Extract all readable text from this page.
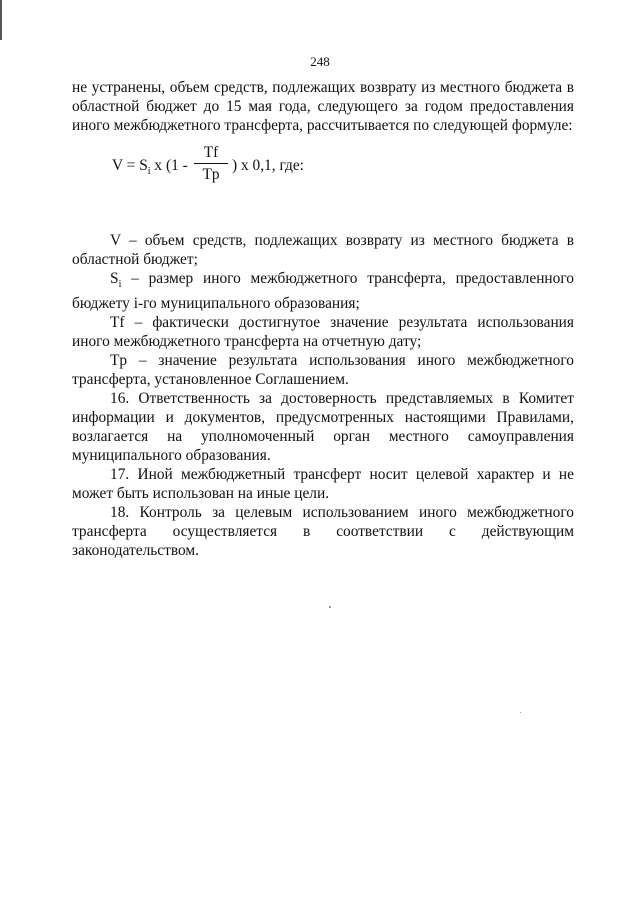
248

не устранены, объем средств, подлежащих возврату из местного бюджета в областной бюджет до 15 мая года, следующего за годом предоставления иного межбюджетного трансферта, рассчитывается по следующей формуле:

$V = S_i$ x (1 -
Tf
Tp
) x 0,1, где:

V – объем средств, подлежащих возврату из местного бюджета в областной бюджет;

$S_i$ – размер иного межбюджетного трансферта, предоставленного бюджету i-го муниципального образования;

Tf – фактически достигнутое значение результата использования иного межбюджетного трансферта на отчетную дату;

Tp – значение результата использования иного межбюджетного трансферта, установленное Соглашением.

16. Ответственность за достоверность представляемых в Комитет информации и документов, предусмотренных настоящими Правилами, возлагается на уполномоченный орган местного самоуправления муниципального образования.

17. Иной межбюджетный трансферт носит целевой характер и не может быть использован на иные цели.

18. Контроль за целевым использованием иного межбюджетного трансферта осуществляется в соответствии с действующим законодательством.
